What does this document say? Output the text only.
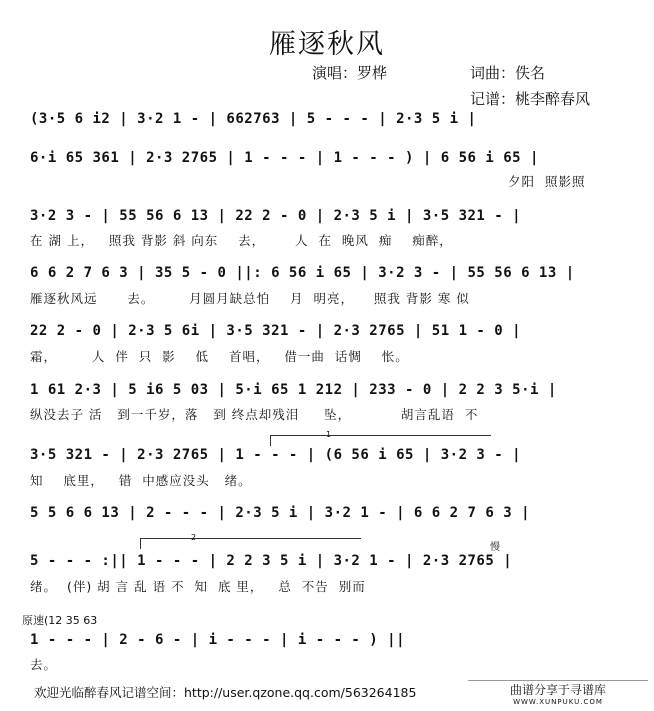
雁逐秋风
演唱：罗桦	词曲：佚名
记谱：桃李醉春风
(3·5 6 i2 | 3·2 1 - | 662763 | 5 - - - | 2·3 5 i |
6·i 65 361 | 2·3 2765 | 1 - - - | 1 - - - ) | 6 56 i 65 |
夕阳  照影照
3·2 3 - | 55 56 6 13 | 22 2 - 0 | 2·3 5 i | 3·5 321 - |
在 湖 上，   照我 背影 斜 向东    去，      人  在  晚风  痴    痴醉，
6 6 2 7 6 3 | 35 5 - 0 ||: 6 56 i 65 | 3·2 3 - | 55 56 6 13 |
雁逐秋风远      去。       月圆月缺总怕    月  明亮，    照我 背影 寒 似
22 2 - 0 | 2·3 5 6i | 3·5 321 - | 2·3 2765 | 51 1 - 0 |
霜，       人  伴  只  影    低    首唱，   借一曲  话惆    怅。
1 61 2·3 | 5 i6 5 03 | 5·i 65 1 212 | 233 - 0 | 2 2 3 5·i |
纵没去子 活   到一千岁，落   到 终点却残泪     坠，          胡言乱语  不
1
3·5 321 - | 2·3 2765 | 1 - - - | (6 56 i 65 | 3·2 3 - |
知    底里，   错  中感应没头   绪。
5 5 6 6 13 | 2 - - - | 2·3 5 i | 3·2 1 - | 6 6 2 7 6 3 |
2
慢
5 - - - :|| 1 - - - | 2 2 3 5 i | 3·2 1 - | 2·3 2765 |
绪。  (伴) 胡 言 乱 语 不  知  底 里，   总  不告  别而
原速(12 35 63
1 - - - | 2 - 6 - | i - - - | i - - - ) ||
去。
欢迎光临醉春风记谱空间：http://user.qzone.qq.com/563264185	曲谱分享于寻谱库
WWW.XUNPUKU.COM
